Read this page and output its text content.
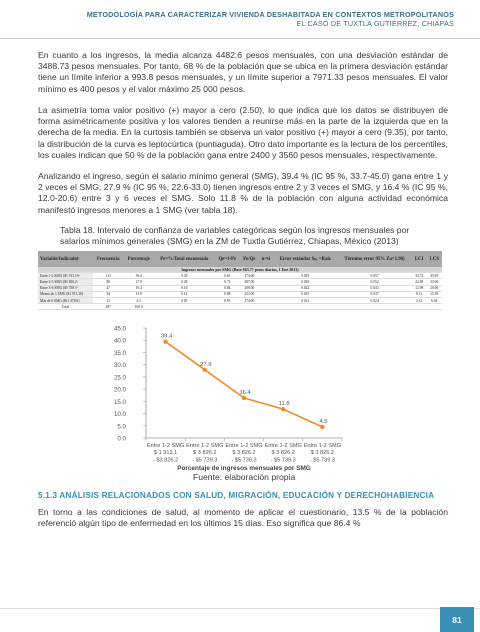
METODOLOGÍA PARA CARACTERIZAR VIVIENDA DESHABITADA EN CONTEXTOS METROPOLITANOS
EL CASO DE TUXTLA GUTIÉRREZ, CHIAPAS

En cuanto a los ingresos, la media alcanza 4482.6 pesos mensuales, con una desviación estándar de 3488.73 pesos mensuales. Por tanto, 68 % de la población que se ubica en la primera desviación estándar tiene un límite inferior a 993.8 pesos mensuales, y un límite superior a 7971.33 pesos mensuales. El valor mínimo es 400 pesos y el valor máximo 25 000 pesos.

La asimetría toma valor positivo (+) mayor a cero (2.50), lo que indica que los datos se distribuyen de forma asimétricamente positiva y los valores tienden a reunirse más en la parte de la izquierda que en la derecha de la media. En la curtosis también se observa un valor positivo (+) mayor a cero (9.35), por tanto, la distribución de la curva es leptocúrtica (puntiaguda). Otro dato importante es la lectura de los percentiles, los cuales indican que 50 % de la población gana entre 2400 y 3560 pesos mensuales, respectivamente.

Analizando el ingreso, según el salario mínimo general (SMG), 39.4 % (IC 95 %, 33.7-45.0) gana entre 1 y 2 veces el SMG; 27.9 % (IC 95 %, 22.6-33.0) tienen ingresos entre 2 y 3 veces el SMG, y 16.4 % (IC 95 %, 12.0-20.6) entre 3 y 6 veces el SMG. Solo 11.8 % de la población con alguna actividad económica manifestó ingresos menores a 1 SMG (ver tabla 18).

Tabla 18. Intervalo de confianza de variables categóricas según los ingresos mensuales por salarios mínimos generales (SMG) en la ZM de Tuxtla Gutiérrez, Chiapas, México (2013)
Variable/Indicador	Frecuencia	Porcentaje	Pe=%/Total encuestado	Qe=1-Pe	Pe/Qe	n=ti	Error estándar Sₚₑ =Raíz	Término error 95% Za=1.96)	LCI	LCS
Ingresos mensuales por SMG (Base $63.77 pesos diarios, 1 Ene 2013)										
Entre 1-2 SMG ($1 913.10-	113	39.4	0.39	0.61	174.00		0.029	0.057	33.72	45.03
Entre 2-3 SMG ($3 826.2-	80	27.9	0.28	0.72	287.00		0.026	0.052	22.69	33.06
Entre 3-6 SMG ($5 739.3-	47	16.4	0.16	0.84	208.00		0.022	0.043	12.09	20.66
Menos de 1 SMG ($1 913.10)	34	11.8	0.12	0.88	253.00		0.019	0.037	8.11	15.59
Más de 6 SMG ($11 478.6)	13	4.5	0.05	0.95	274.00		0.012	0.024	2.12	6.94
Total	287	100.0								
0.0
5.0
10.0
15.0
20.0
25.0
30.0
35.0
40.0
45.0
Entre 1-2 SMG
$ 1 913.1
- $3 826.2
Entre 1-2 SMG
$ 3 826.2
- $5 739.3
Entre 1-2 SMG
$ 3 826.2
- $5 739.3
Entre 1-2 SMG
$ 3 826.2
- $5 739.3
Entre 1-2 SMG
$ 3 826.2
- $5 739.3
39.4
27.9
16.4
11.8
4.5
Porcentaje de ingresos mensuales por SMG
Fuente: elaboración propia
5.1.3 ANÁLISIS RELACIONADOS CON SALUD, MIGRACIÓN, EDUCACIÓN Y DERECHOHABIENCIA

En torno a las condiciones de salud, al momento de aplicar el cuestionario, 13.5 % de la población referenció algún tipo de enfermedad en los últimos 15 días. Eso significa que 86.4 %

81
